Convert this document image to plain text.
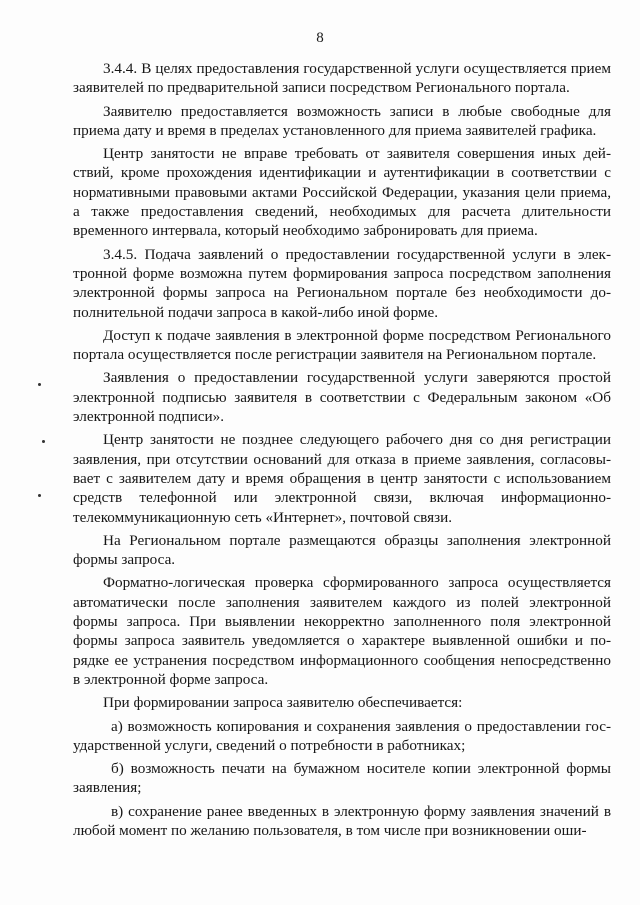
8

3.4.4. В целях предоставления государственной услуги осуществляется прием заявителей по предварительной записи посредством Регионального портала.

Заявителю предоставляется возможность записи в любые свободные для приема дату и время в пределах установленного для приема заявителей графика.

Центр занятости не вправе требовать от заявителя совершения иных действий, кроме прохождения идентификации и аутентификации в соответствии с нормативными правовыми актами Российской Федерации, указания цели приема, а также предоставления сведений, необходимых для расчета длительности временного интервала, который необходимо забронировать для приема.

3.4.5. Подача заявлений о предоставлении государственной услуги в электронной форме возможна путем формирования запроса посредством заполнения электронной формы запроса на Региональном портале без необходимости дополнительной подачи запроса в какой-либо иной форме.

Доступ к подаче заявления в электронной форме посредством Регионального портала осуществляется после регистрации заявителя на Региональном портале.

Заявления о предоставлении государственной услуги заверяются простой электронной подписью заявителя в соответствии с Федеральным законом «Об электронной подписи».

Центр занятости не позднее следующего рабочего дня со дня регистрации заявления, при отсутствии оснований для отказа в приеме заявления, согласовывает с заявителем дату и время обращения в центр занятости с использованием средств телефонной или электронной связи, включая информационно-телекоммуникационную сеть «Интернет», почтовой связи.

На Региональном портале размещаются образцы заполнения электронной формы запроса.

Форматно-логическая проверка сформированного запроса осуществляется автоматически после заполнения заявителем каждого из полей электронной формы запроса. При выявлении некорректно заполненного поля электронной формы запроса заявитель уведомляется о характере выявленной ошибки и порядке ее устранения посредством информационного сообщения непосредственно в электронной форме запроса.

При формировании запроса заявителю обеспечивается:

а) возможность копирования и сохранения заявления о предоставлении государственной услуги, сведений о потребности в работниках;

б) возможность печати на бумажном носителе копии электронной формы заявления;

в) сохранение ранее введенных в электронную форму заявления значений в любой момент по желанию пользователя, в том числе при возникновении оши-
